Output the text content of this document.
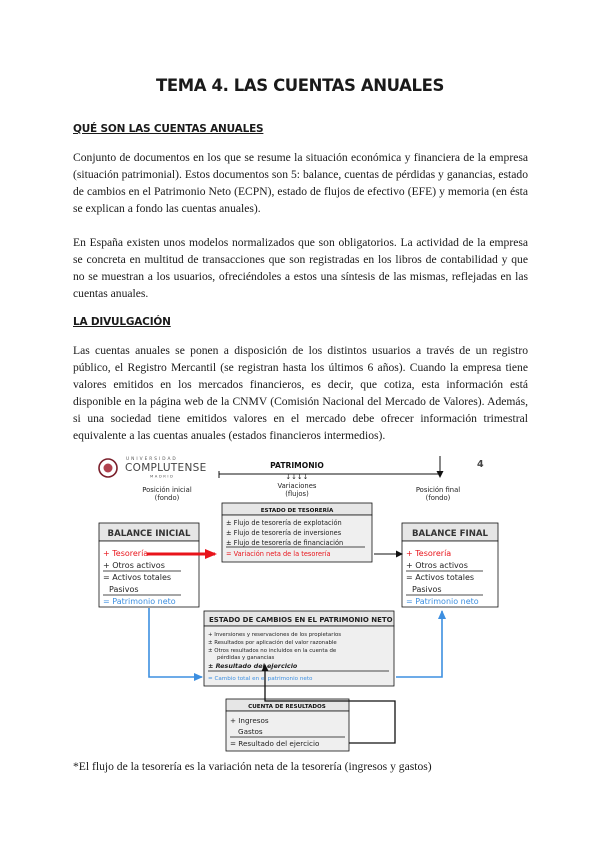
TEMA 4. LAS CUENTAS ANUALES
QUÉ SON LAS CUENTAS ANUALES
Conjunto de documentos en los que se resume la situación económica y financiera de la empresa (situación patrimonial). Estos documentos son 5: balance, cuentas de pérdidas y ganancias, estado de cambios en el Patrimonio Neto (ECPN), estado de flujos de efectivo (EFE) y memoria (en ésta se explican a fondo las cuentas anuales).
En España existen unos modelos normalizados que son obligatorios. La actividad de la empresa se concreta en multitud de transacciones que son registradas en los libros de contabilidad y que no se muestran a los usuarios, ofreciéndoles a estos una síntesis de las mismas, reflejadas en las cuentas anuales.
LA DIVULGACIÓN
Las cuentas anuales se ponen a disposición de los distintos usuarios a través de un registro público, el Registro Mercantil (se registran hasta los últimos 6 años). Cuando la empresa tiene valores emitidos en los mercados financieros, es decir, que cotiza, esta información está disponible en la página web de la CNMV (Comisión Nacional del Mercado de Valores). Además, si una sociedad tiene emitidos valores en el mercado debe ofrecer información trimestral equivalente a las cuentas anuales (estados financieros intermedios).
UNIVERSIDAD
COMPLUTENSE
MADRID
4
PATRIMONIO
↓↓↓↓
Variaciones
(flujos)
Posición inicial
(fondo)
Posición final
(fondo)
ESTADO DE TESORERÍA
± Flujo de tesorería de explotación
± Flujo de tesorería de inversiones
± Flujo de tesorería de financiación
= Variación neta de la tesorería
BALANCE INICIAL
+ Tesorería
+ Otros activos
= Activos totales
Pasivos
= Patrimonio neto
BALANCE FINAL
+ Tesorería
+ Otros activos
= Activos totales
Pasivos
= Patrimonio neto
ESTADO DE CAMBIOS EN EL PATRIMONIO NETO
+ Inversiones y reservaciones de los propietarios
± Resultados por aplicación del valor razonable
± Otros resultados no incluidos en la cuenta de
pérdidas y ganancias
± Resultado del ejercicio
= Cambio total en el patrimonio neto
CUENTA DE RESULTADOS
+ Ingresos
Gastos
= Resultado del ejercicio
*El flujo de la tesorería es la variación neta de la tesorería (ingresos y gastos)
